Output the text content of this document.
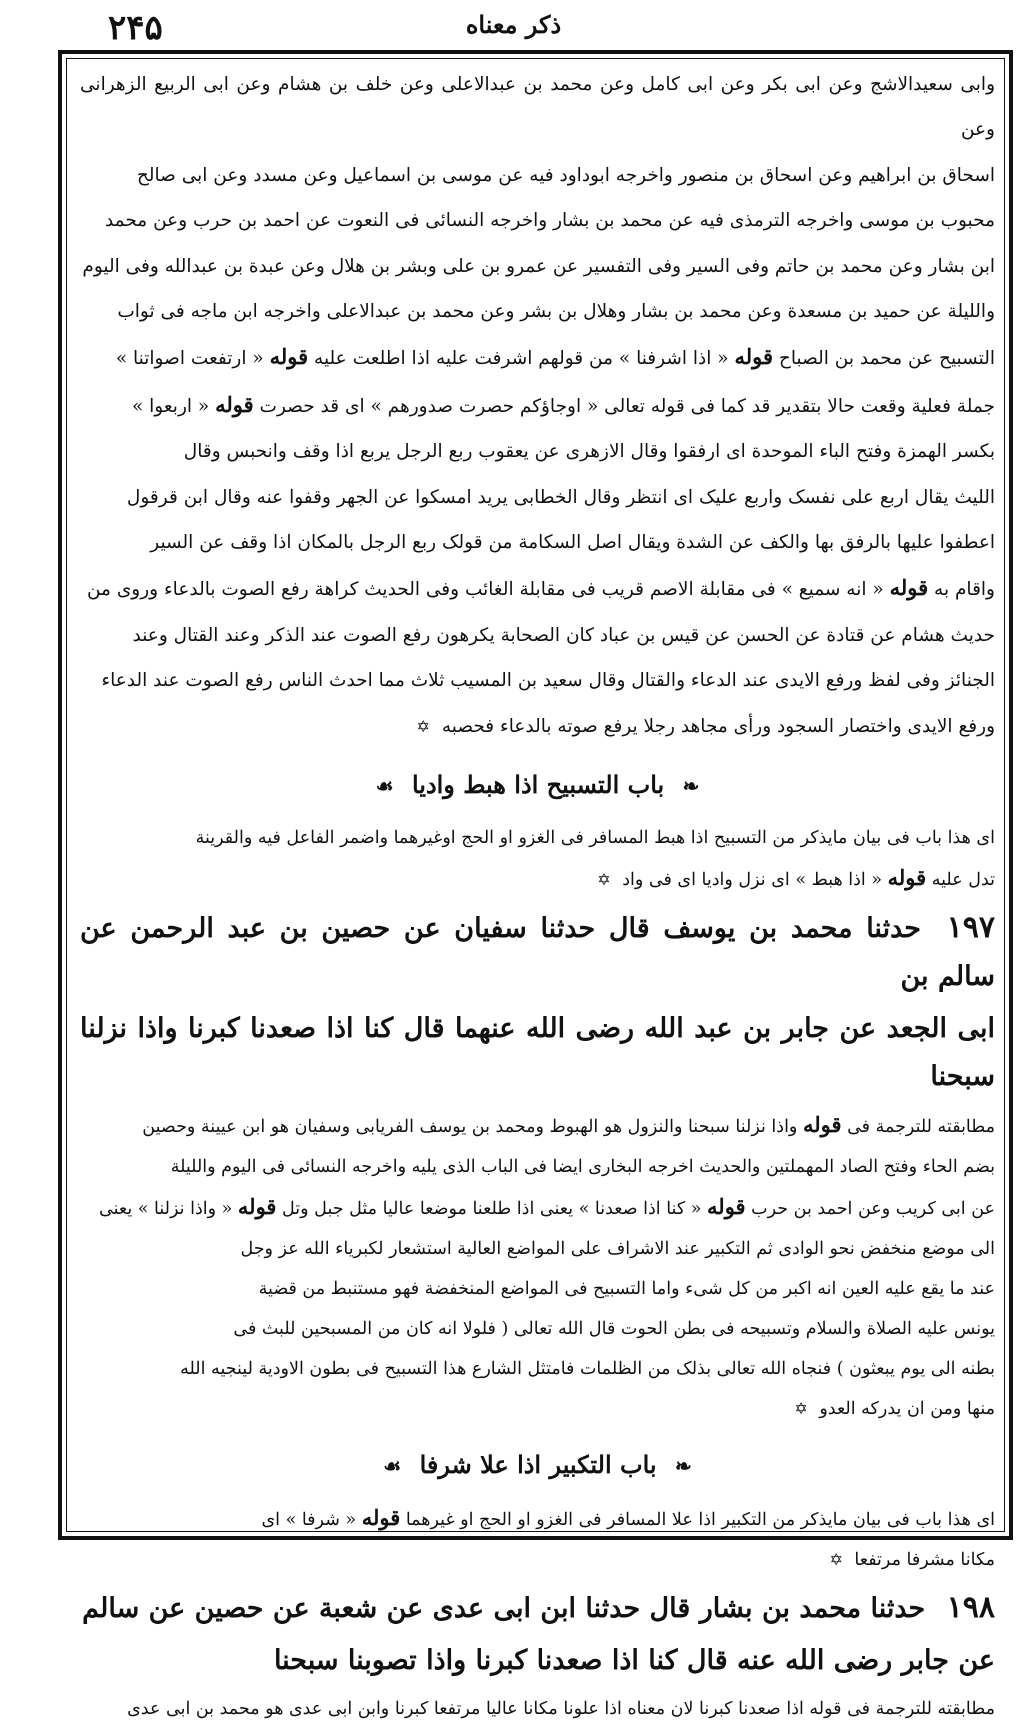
۲۴۵	ذکر معناه

وابی سعیدالاشج وعن ابی بکر وعن ابی کامل وعن محمد بن عبدالاعلی وعن خلف بن هشام وعن ابی الربیع الزهرانی وعن

اسحاق بن ابراهیم وعن اسحاق بن منصور واخرجه ابوداود فیه عن موسی بن اسماعیل وعن مسدد وعن ابی صالح

محبوب بن موسی واخرجه الترمذی فیه عن محمد بن بشار واخرجه النسائی فی النعوت عن احمد بن حرب وعن محمد

ابن بشار وعن محمد بن حاتم وفی السیر وفی التفسیر عن عمرو بن علی وبشر بن هلال وعن عبدة بن عبدالله وفی الیوم

واللیلة عن حمید بن مسعدة وعن محمد بن بشار وهلال بن بشر وعن محمد بن عبدالاعلی واخرجه ابن ماجه فی ثواب

التسبیح عن محمد بن الصباح قوله « اذا اشرفنا » من قولهم اشرفت علیه اذا اطلعت علیه قوله « ارتفعت اصواتنا »

جملة فعلیة وقعت حالا بتقدیر قد کما فی قوله تعالی « اوجاؤکم حصرت صدورهم » ای قد حصرت قوله « اربعوا »

بکسر الهمزة وفتح الباء الموحدة ای ارفقوا وقال الازهری عن یعقوب ربع الرجل یربع اذا وقف وانحبس وقال

اللیث یقال اربع علی نفسک واربع علیک ای انتظر وقال الخطابی یرید امسکوا عن الجهر وقفوا عنه وقال ابن قرقول

اعطفوا علیها بالرفق بها والکف عن الشدة ویقال اصل السکامة من قولک ربع الرجل بالمکان اذا وقف عن السیر

واقام به قوله « انه سمیع » فی مقابلة الاصم قریب فی مقابلة الغائب وفی الحدیث کراهة رفع الصوت بالدعاء وروی من

حدیث هشام عن قتادة عن الحسن عن قیس بن عباد کان الصحابة یکرهون رفع الصوت عند الذکر وعند القتال وعند

الجنائز وفی لفظ ورفع الایدی عند الدعاء والقتال وقال سعید بن المسیب ثلاث مما احدث الناس رفع الصوت عند الدعاء

ورفع الایدی واختصار السجود ورأی مجاهد رجلا یرفع صوته بالدعاء فحصبه ✡

❧ باب التسبیح اذا هبط وادیا ☙

ای هذا باب فی بیان مایذکر من التسبیح اذا هبط المسافر فی الغزو او الحج اوغیرهما واضمر الفاعل فیه والقرینة

تدل علیه قوله « اذا هبط » ای نزل وادیا ای فی واد ✡

۱۹۷ حدثنا محمد بن یوسف قال حدثنا سفیان عن حصین بن عبد الرحمن عن سالم بن

ابی الجعد عن جابر بن عبد الله رضی الله عنهما قال کنا اذا صعدنا کبرنا واذا نزلنا سبحنا

مطابقته للترجمة فی قوله واذا نزلنا سبحنا والنزول هو الهبوط ومحمد بن یوسف الفریابی وسفیان هو ابن عیینة وحصین

بضم الحاء وفتح الصاد المهملتین والحدیث اخرجه البخاری ایضا فی الباب الذی یلیه واخرجه النسائی فی الیوم واللیلة

عن ابی کریب وعن احمد بن حرب قوله « کنا اذا صعدنا » یعنی اذا طلعنا موضعا عالیا مثل جبل وتل قوله « واذا نزلنا » یعنی

الی موضع منخفض نحو الوادی ثم التکبیر عند الاشراف علی المواضع العالیة استشعار لکبریاء الله عز وجل

عند ما یقع علیه العین انه اکبر من کل شیء واما التسبیح فی المواضع المنخفضة فهو مستنبط من قضیة

یونس علیه الصلاة والسلام وتسبیحه فی بطن الحوت قال الله تعالی ( فلولا انه کان من المسبحین للبث فی

بطنه الی یوم یبعثون ) فنجاه الله تعالی بذلک من الظلمات فامتثل الشارع هذا التسبیح فی بطون الاودیة لینجیه الله

منها ومن ان یدرکه العدو ✡

❧ باب التکبیر اذا علا شرفا ☙

ای هذا باب فی بیان مایذکر من التکبیر اذا علا المسافر فی الغزو او الحج او غیرهما قوله « شرفا » ای

مکانا مشرفا مرتفعا ✡

۱۹۸ حدثنا محمد بن بشار قال حدثنا ابن ابی عدی عن شعبة عن حصین عن سالم

عن جابر رضی الله عنه قال کنا اذا صعدنا کبرنا واذا تصوبنا سبحنا

مطابقته للترجمة فی قوله اذا صعدنا کبرنا لان معناه اذا علونا مکانا عالیا مرتفعا کبرنا وابن ابی عدی هو محمد بن ابی عدی
